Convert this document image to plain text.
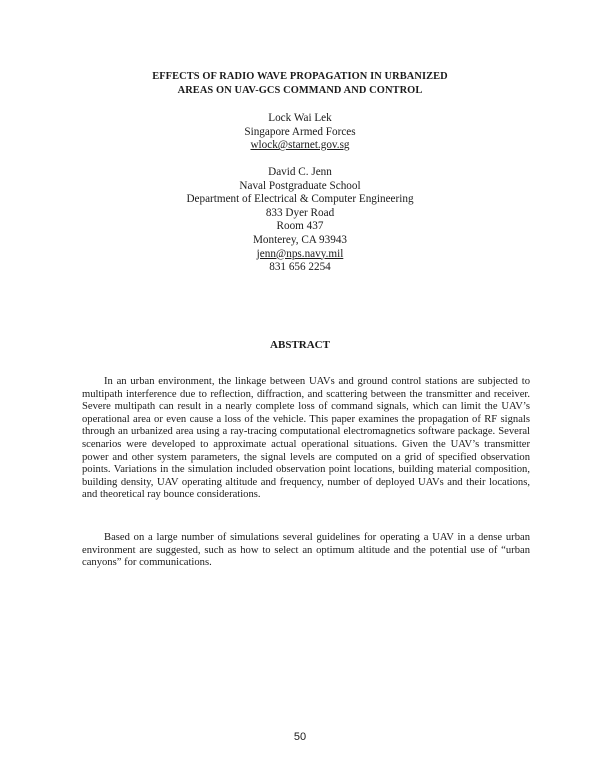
EFFECTS OF RADIO WAVE PROPAGATION IN URBANIZED
AREAS ON UAV-GCS COMMAND AND CONTROL
Lock Wai Lek
Singapore Armed Forces
wlock@starnet.gov.sg
David C. Jenn
Naval Postgraduate School
Department of Electrical & Computer Engineering
833 Dyer Road
Room 437
Monterey, CA 93943
jenn@nps.navy.mil
831 656 2254
ABSTRACT

In an urban environment, the linkage between UAVs and ground control stations are subjected to multipath interference due to reflection, diffraction, and scattering between the transmitter and receiver. Severe multipath can result in a nearly complete loss of command signals, which can limit the UAV’s operational area or even cause a loss of the vehicle. This paper examines the propagation of RF signals through an urbanized area using a ray-tracing computational electromagnetics software package. Several scenarios were developed to approximate actual operational situations. Given the UAV’s transmitter power and other system parameters, the signal levels are computed on a grid of specified observation points. Variations in the simulation included observation point locations, building material composition, building density, UAV operating altitude and frequency, number of deployed UAVs and their locations, and theoretical ray bounce considerations.

Based on a large number of simulations several guidelines for operating a UAV in a dense urban environment are suggested, such as how to select an optimum altitude and the potential use of “urban canyons” for communications.

50
